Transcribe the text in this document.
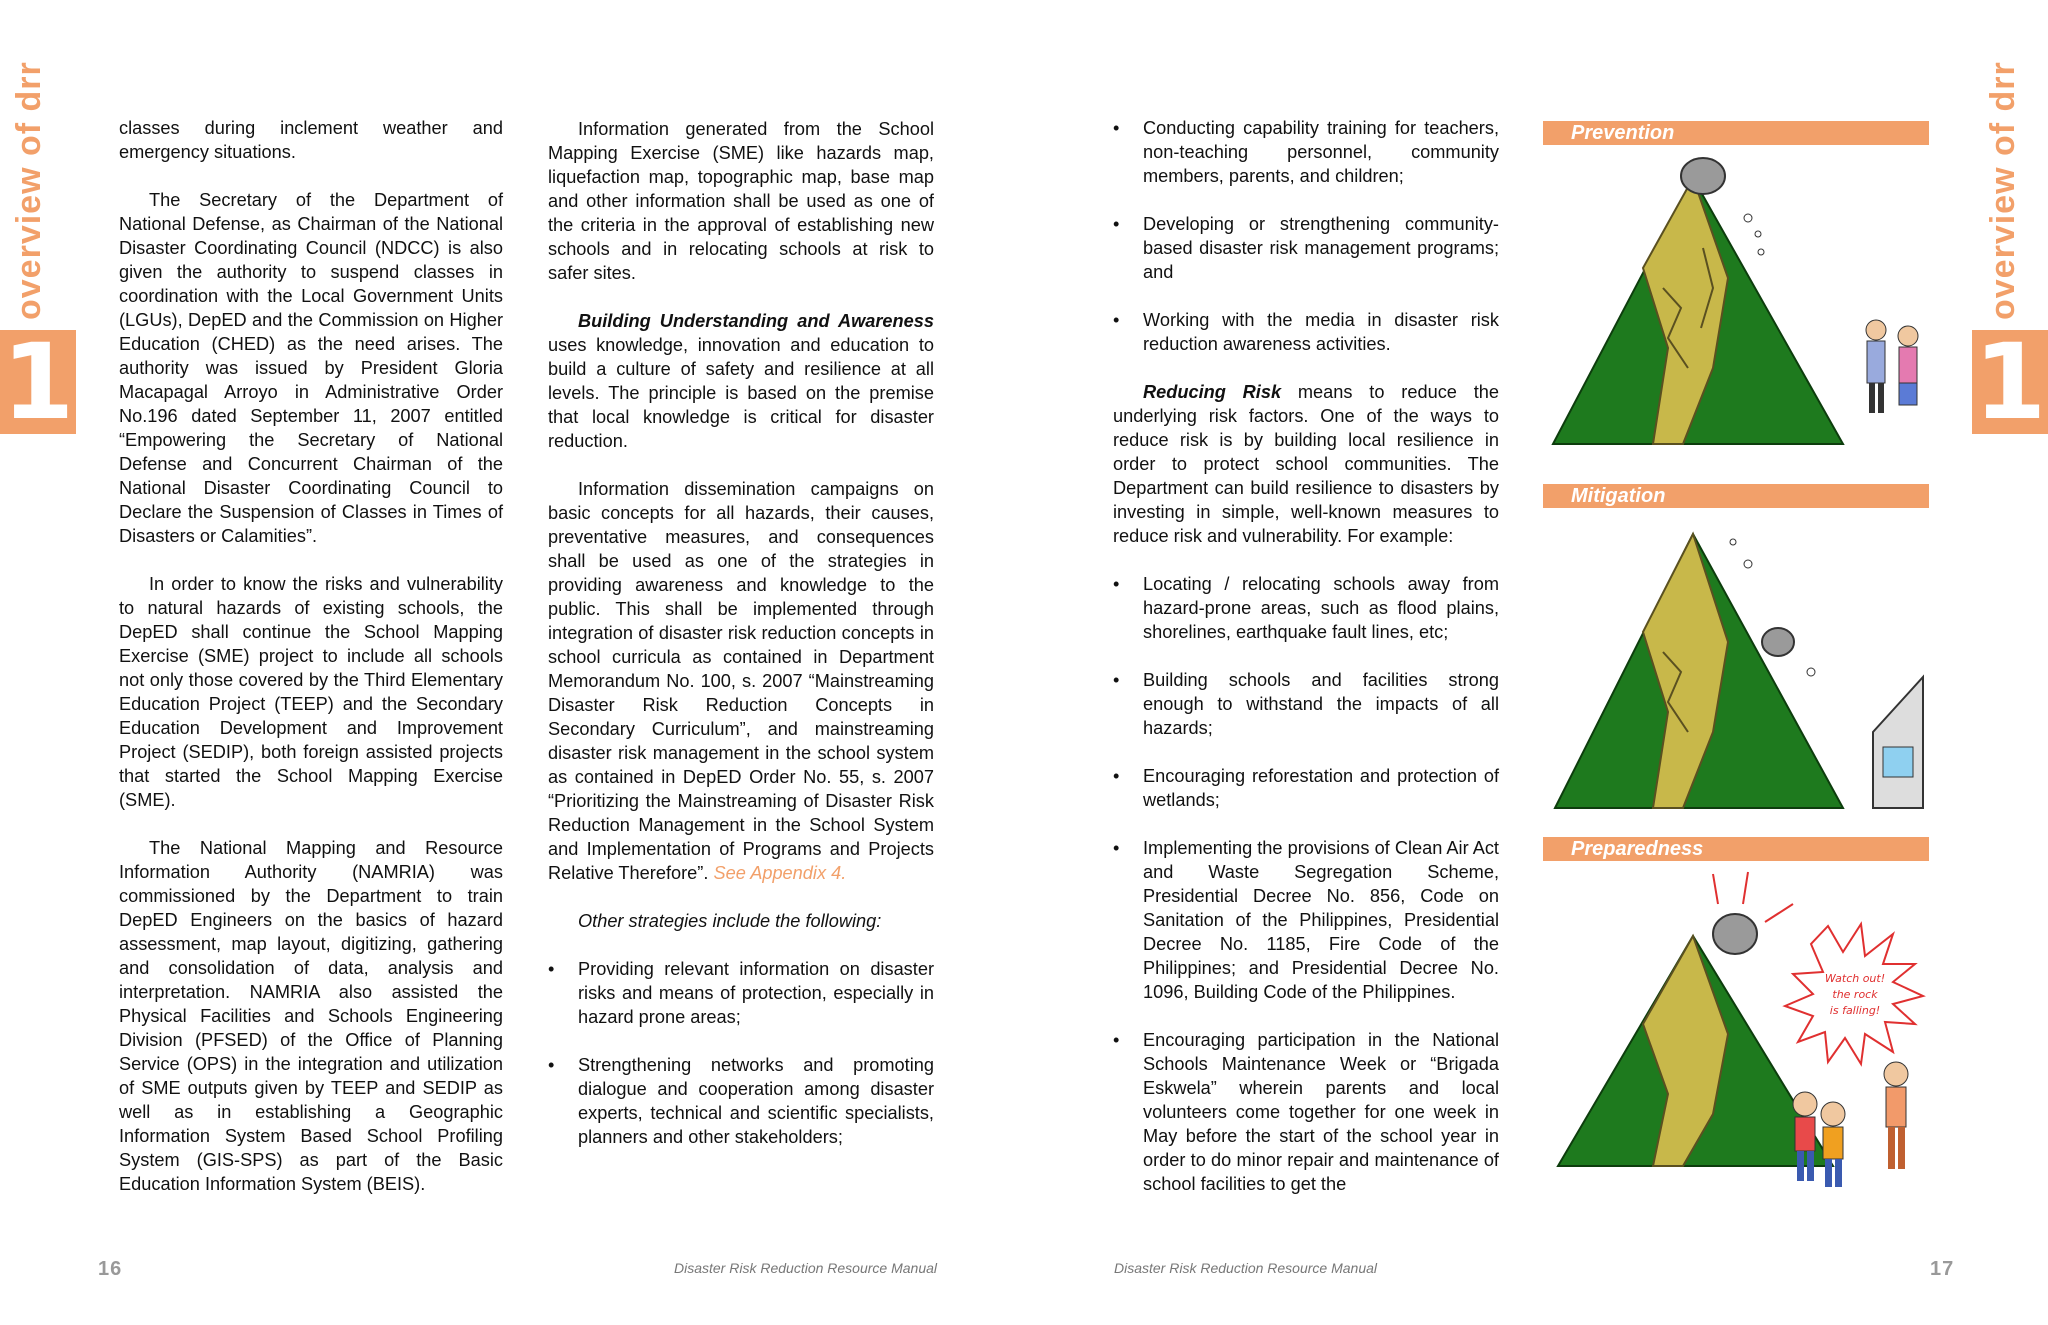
overview of drr
1

classes during inclement weather and emergency situations.

The Secretary of the Department of National Defense, as Chairman of the National Disaster Coordinating Council (NDCC) is also given the authority to suspend classes in coordination with the Local Government Units (LGUs), DepED and the Commission on Higher Education (CHED) as the need arises. The authority was issued by President Gloria Macapagal Arroyo in Administrative Order No.196 dated September 11, 2007 entitled “Empowering the Secretary of National Defense and Concurrent Chairman of the National Disaster Coordinating Council to Declare the Suspension of Classes in Times of Disasters or Calamities”.

In order to know the risks and vulnerability to natural hazards of existing schools, the DepED shall continue the School Mapping Exercise (SME) project to include all schools not only those covered by the Third Elementary Education Project (TEEP) and the Secondary Education Development and Improvement Project (SEDIP), both foreign assisted projects that started the School Mapping Exercise (SME).

The National Mapping and Resource Information Authority (NAMRIA) was commissioned by the Department to train DepED Engineers on the basics of hazard assessment, map layout, digitizing, gathering and consolidation of data, analysis and interpretation. NAMRIA also assisted the Physical Facilities and Schools Engineering Division (PFSED) of the Office of Planning Service (OPS) in the integration and utilization of SME outputs given by TEEP and SEDIP as well as in establishing a Geographic Information System Based School Profiling System (GIS-SPS) as part of the Basic Education Information System (BEIS).

Information generated from the School Mapping Exercise (SME) like hazards map, liquefaction map, topographic map, base map and other information shall be used as one of the criteria in the approval of establishing new schools and in relocating schools at risk to safer sites.

Building Understanding and Awareness uses knowledge, innovation and education to build a culture of safety and resilience at all levels. The principle is based on the premise that local knowledge is critical for disaster reduction.

Information dissemination campaigns on basic concepts for all hazards, their causes, preventative measures, and consequences shall be used as one of the strategies in providing awareness and knowledge to the public. This shall be implemented through integration of disaster risk reduction concepts in school curricula as contained in Department Memorandum No. 100, s. 2007 “Mainstreaming Disaster Risk Reduction Concepts in Secondary Curriculum”, and mainstreaming disaster risk management in the school system as contained in DepED Order No. 55, s. 2007 “Prioritizing the Mainstreaming of Disaster Risk Reduction Management in the School System and Implementation of Programs and Projects Relative Therefore”. See Appendix 4.

Other strategies include the following:

• Providing relevant information on disaster risks and means of protection, especially in hazard prone areas;
• Strengthening networks and promoting dialogue and cooperation among disaster experts, technical and scientific specialists, planners and other stakeholders;
16	Disaster Risk Reduction Resource Manual	Disaster Risk Reduction Resource Manual	17
overview of drr
1
• Conducting capability training for teachers, non-teaching personnel, community members, parents, and children;
• Developing or strengthening community-based disaster risk management programs; and
• Working with the media in disaster risk reduction awareness activities.

Reducing Risk means to reduce the underlying risk factors. One of the ways to reduce risk is by building local resilience in order to protect school communities. The Department can build resilience to disasters by investing in simple, well-known measures to reduce risk and vulnerability. For example:

• Locating / relocating schools away from hazard-prone areas, such as flood plains, shorelines, earthquake fault lines, etc;
• Building schools and facilities strong enough to withstand the impacts of all hazards;
• Encouraging reforestation and protection of wetlands;
• Implementing the provisions of Clean Air Act and Waste Segregation Scheme, Presidential Decree No. 856, Code on Sanitation of the Philippines, Presidential Decree No. 1185, Fire Code of the Philippines; and Presidential Decree No. 1096, Building Code of the Philippines.
• Encouraging participation in the National Schools Maintenance Week or “Brigada Eskwela” wherein parents and local volunteers come together for one week in May before the start of the school year in order to do minor repair and maintenance of school facilities to get the
Prevention
Mitigation
Preparedness
Watch out!
the rock
is falling!
